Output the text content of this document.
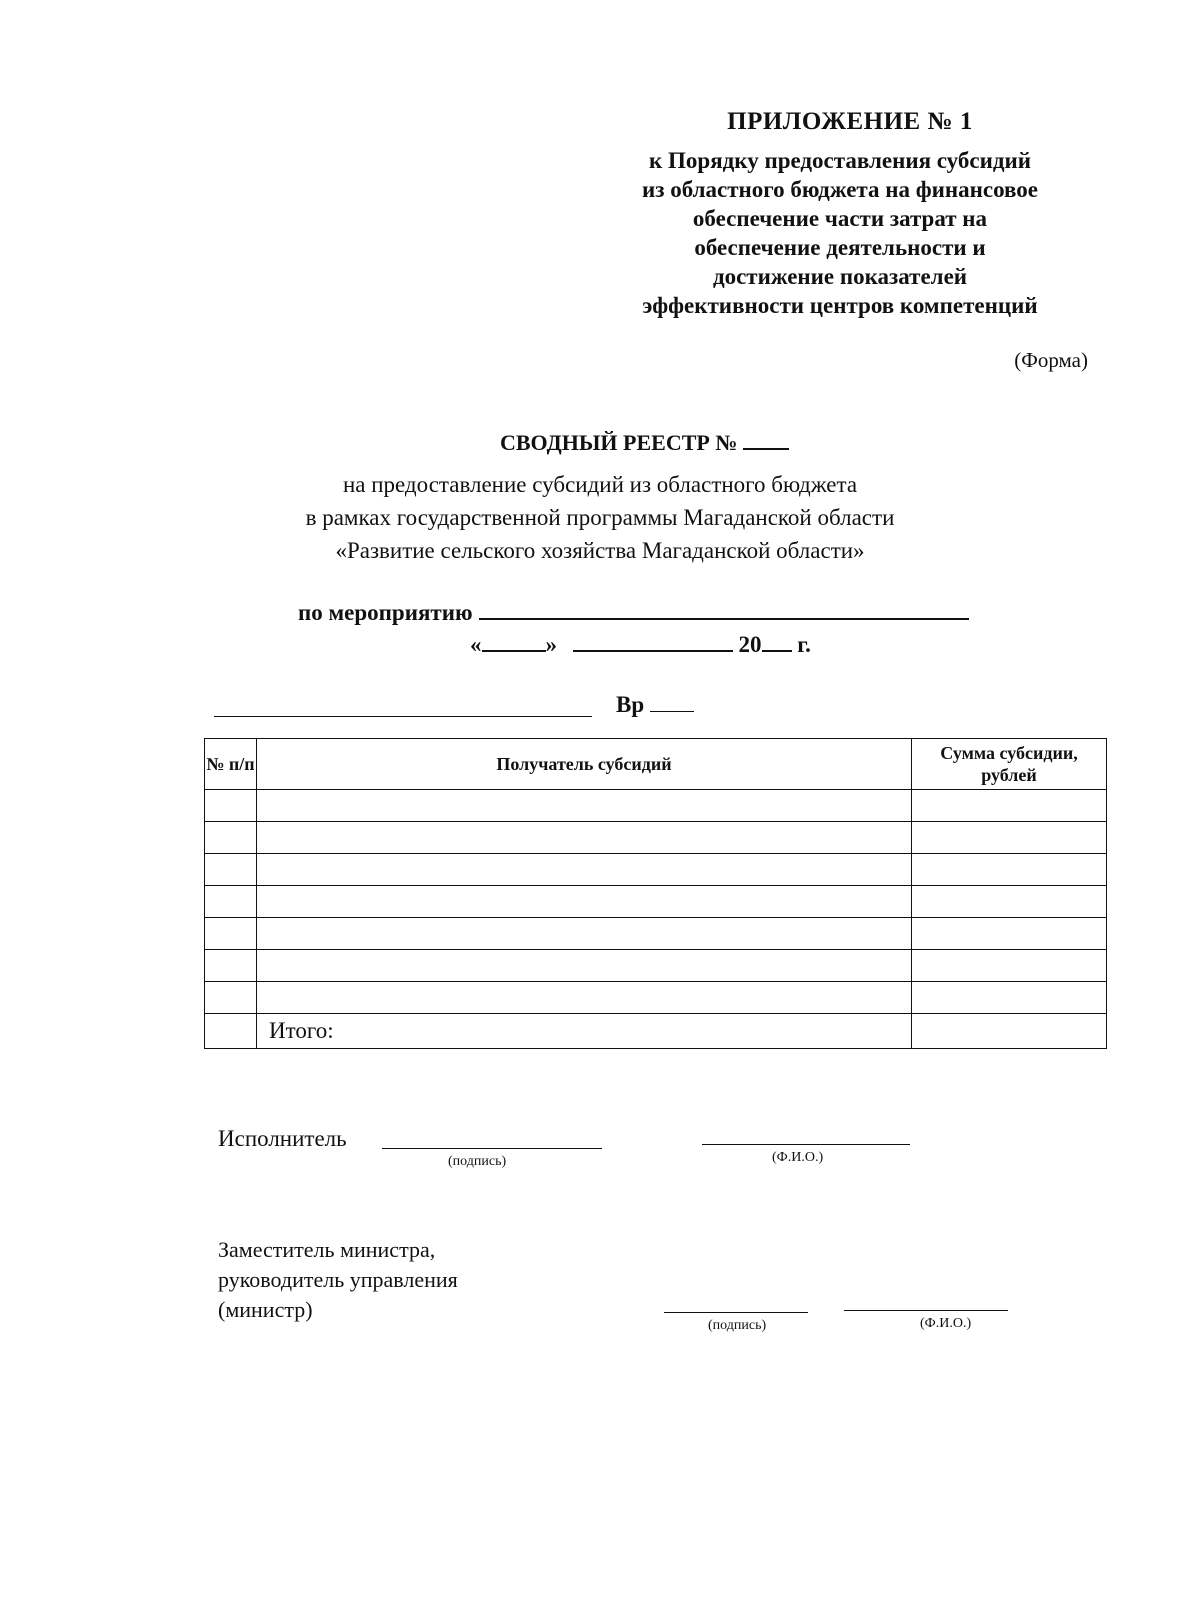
ПРИЛОЖЕНИЕ № 1
к Порядку предоставления субсидий
из областного бюджета на финансовое
обеспечение части затрат на
обеспечение деятельности и
достижение показателей
эффективности центров компетенций
(Форма)
СВОДНЫЙ РЕЕСТР №
на предоставление субсидий из областного бюджета
в рамках государственной программы Магаданской области
«Развитие сельского хозяйства Магаданской области»
по мероприятию
«	»	20 г.
Вр
№ п/п	Получатель субсидий	Сумма субсидии, рублей

	Итого:	
Исполнитель
(подпись)	(Ф.И.О.)
Заместитель министра,
руководитель управления
(министр)
(подпись)	(Ф.И.О.)
